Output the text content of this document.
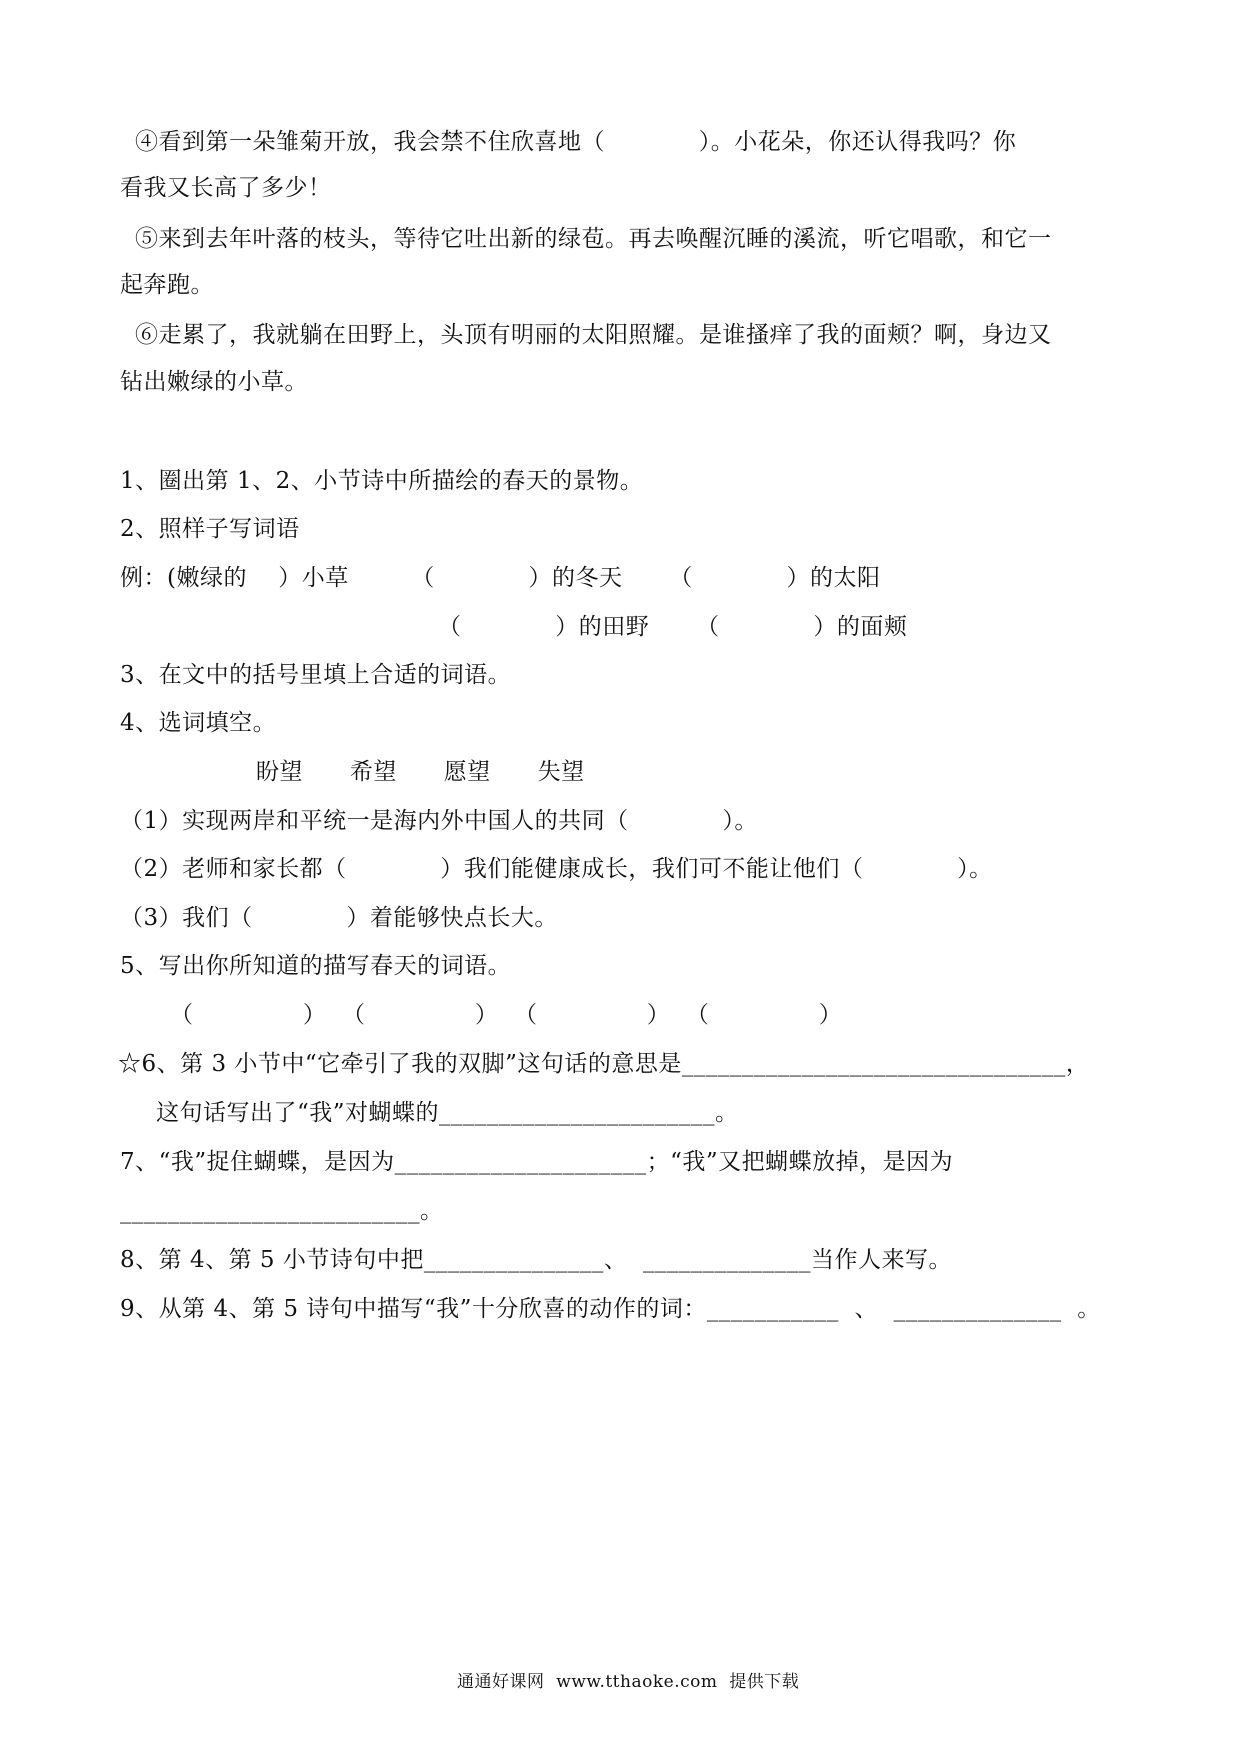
④看到第一朵雏菊开放，我会禁不住欣喜地（            ）。小花朵，你还认得我吗？你
看我又长高了多少！
⑤来到去年叶落的枝头，等待它吐出新的绿苞。再去唤醒沉睡的溪流，听它唱歌，和它一
起奔跑。
⑥走累了，我就躺在田野上，头顶有明丽的太阳照耀。是谁搔痒了我的面颊？啊，身边又
钻出嫩绿的小草。
1、圈出第 1、2、小节诗中所描绘的春天的景物。
2、照样子写词语
例：(嫩绿的    ）小草        （            ）的冬天      （            ）的太阳
（            ）的田野      （            ）的面颊
3、在文中的括号里填上合适的词语。
4、选词填空。
盼望      希望      愿望      失望
（1）实现两岸和平统一是海内外中国人的共同（            ）。
（2）老师和家长都（            ）我们能健康成长，我们可不能让他们（            ）。
（3）我们（            ）着能够快点长大。
5、写出你所知道的描写春天的词语。
（              ）  （              ）  （              ）  （              ）
☆6、第 3 小节中“它牵引了我的双脚”这句话的意思是________________________________，
这句话写出了“我”对蝴蝶的_______________________。
7、“我”捉住蝴蝶，是因为_____________________；“我”又把蝴蝶放掉，是因为
_________________________。
8、第 4、第 5 小节诗句中把_______________、  ______________当作人来写。
9、从第 4、第 5 诗句中描写“我”十分欣喜的动作的词：___________  、  ______________  。
通通好课网  www.tthaoke.com  提供下载
